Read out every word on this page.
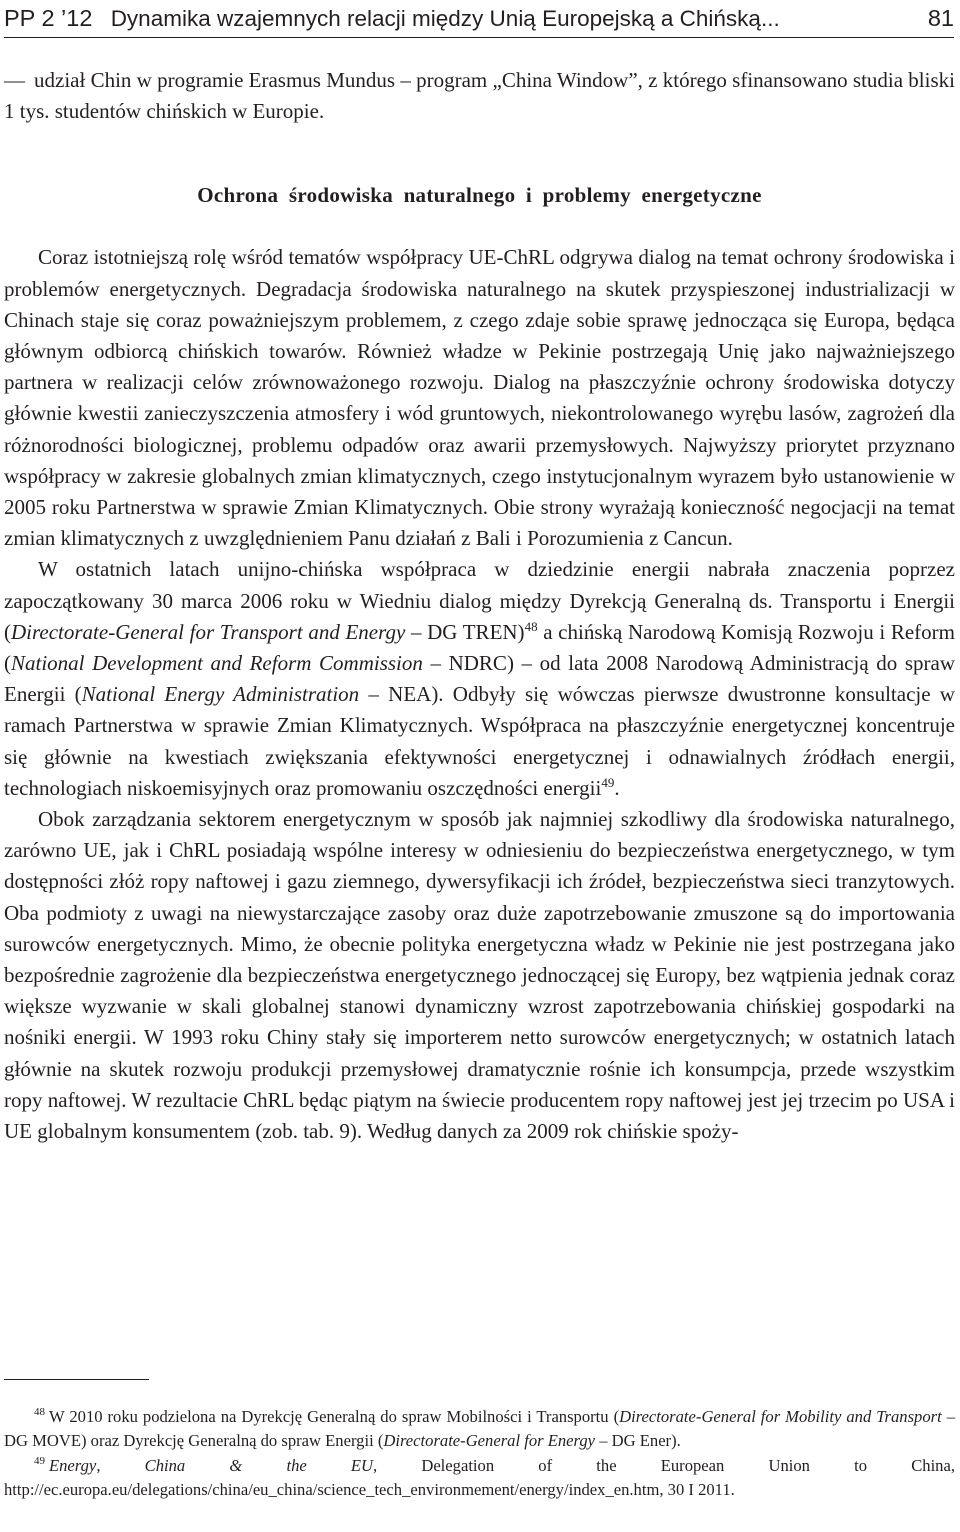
PP 2 ’12 Dynamika wzajemnych relacji między Unią Europejską a Chińską...	81

— udział Chin w programie Erasmus Mundus – program „China Window”, z którego sfinansowano studia bliski 1 tys. studentów chińskich w Europie.

Ochrona środowiska naturalnego i problemy energetyczne

Coraz istotniejszą rolę wśród tematów współpracy UE-ChRL odgrywa dialog na temat ochrony środowiska i problemów energetycznych. Degradacja środowiska naturalnego na skutek przyspieszonej industrializacji w Chinach staje się coraz poważniejszym problemem, z czego zdaje sobie sprawę jednocząca się Europa, będąca głównym odbiorcą chińskich towarów. Również władze w Pekinie postrzegają Unię jako najważniejszego partnera w realizacji celów zrównoważonego rozwoju. Dialog na płaszczyźnie ochrony środowiska dotyczy głównie kwestii zanieczyszczenia atmosfery i wód gruntowych, niekontrolowanego wyrębu lasów, zagrożeń dla różnorodności biologicznej, problemu odpadów oraz awarii przemysłowych. Najwyższy priorytet przyznano współpracy w zakresie globalnych zmian klimatycznych, czego instytucjonalnym wyrazem było ustanowienie w 2005 roku Partnerstwa w sprawie Zmian Klimatycznych. Obie strony wyrażają konieczność negocjacji na temat zmian klimatycznych z uwzględnieniem Panu działań z Bali i Porozumienia z Cancun.

W ostatnich latach unijno-chińska współpraca w dziedzinie energii nabrała znaczenia poprzez zapoczątkowany 30 marca 2006 roku w Wiedniu dialog między Dyrekcją Generalną ds. Transportu i Energii (Directorate-General for Transport and Energy – DG TREN)$^{48}$ a chińską Narodową Komisją Rozwoju i Reform (National Development and Reform Commission – NDRC) – od lata 2008 Narodową Administracją do spraw Energii (National Energy Administration – NEA). Odbyły się wówczas pierwsze dwustronne konsultacje w ramach Partnerstwa w sprawie Zmian Klimatycznych. Współpraca na płaszczyźnie energetycznej koncentruje się głównie na kwestiach zwiększania efektywności energetycznej i odnawialnych źródłach energii, technologiach niskoemisyjnych oraz promowaniu oszczędności energii$^{49}$.

Obok zarządzania sektorem energetycznym w sposób jak najmniej szkodliwy dla środowiska naturalnego, zarówno UE, jak i ChRL posiadają wspólne interesy w odniesieniu do bezpieczeństwa energetycznego, w tym dostępności złóż ropy naftowej i gazu ziemnego, dywersyfikacji ich źródeł, bezpieczeństwa sieci tranzytowych. Oba podmioty z uwagi na niewystarczające zasoby oraz duże zapotrzebowanie zmuszone są do importowania surowców energetycznych. Mimo, że obecnie polityka energetyczna władz w Pekinie nie jest postrzegana jako bezpośrednie zagrożenie dla bezpieczeństwa energetycznego jednoczącej się Europy, bez wątpienia jednak coraz większe wyzwanie w skali globalnej stanowi dynamiczny wzrost zapotrzebowania chińskiej gospodarki na nośniki energii. W 1993 roku Chiny stały się importerem netto surowców energetycznych; w ostatnich latach głównie na skutek rozwoju produkcji przemysłowej dramatycznie rośnie ich konsumpcja, przede wszystkim ropy naftowej. W rezultacie ChRL będąc piątym na świecie producentem ropy naftowej jest jej trzecim po USA i UE globalnym konsumentem (zob. tab. 9). Według danych za 2009 rok chińskie spoży-

$^{48}$ W 2010 roku podzielona na Dyrekcję Generalną do spraw Mobilności i Transportu (Directorate-General for Mobility and Transport – DG MOVE) oraz Dyrekcję Generalną do spraw Energii (Directorate-General for Energy – DG Ener).

$^{49}$ Energy, China & the EU, Delegation of the European Union to China, http://ec.europa.eu/delegations/china/eu_china/science_tech_environmement/energy/index_en.htm, 30 I 2011.
